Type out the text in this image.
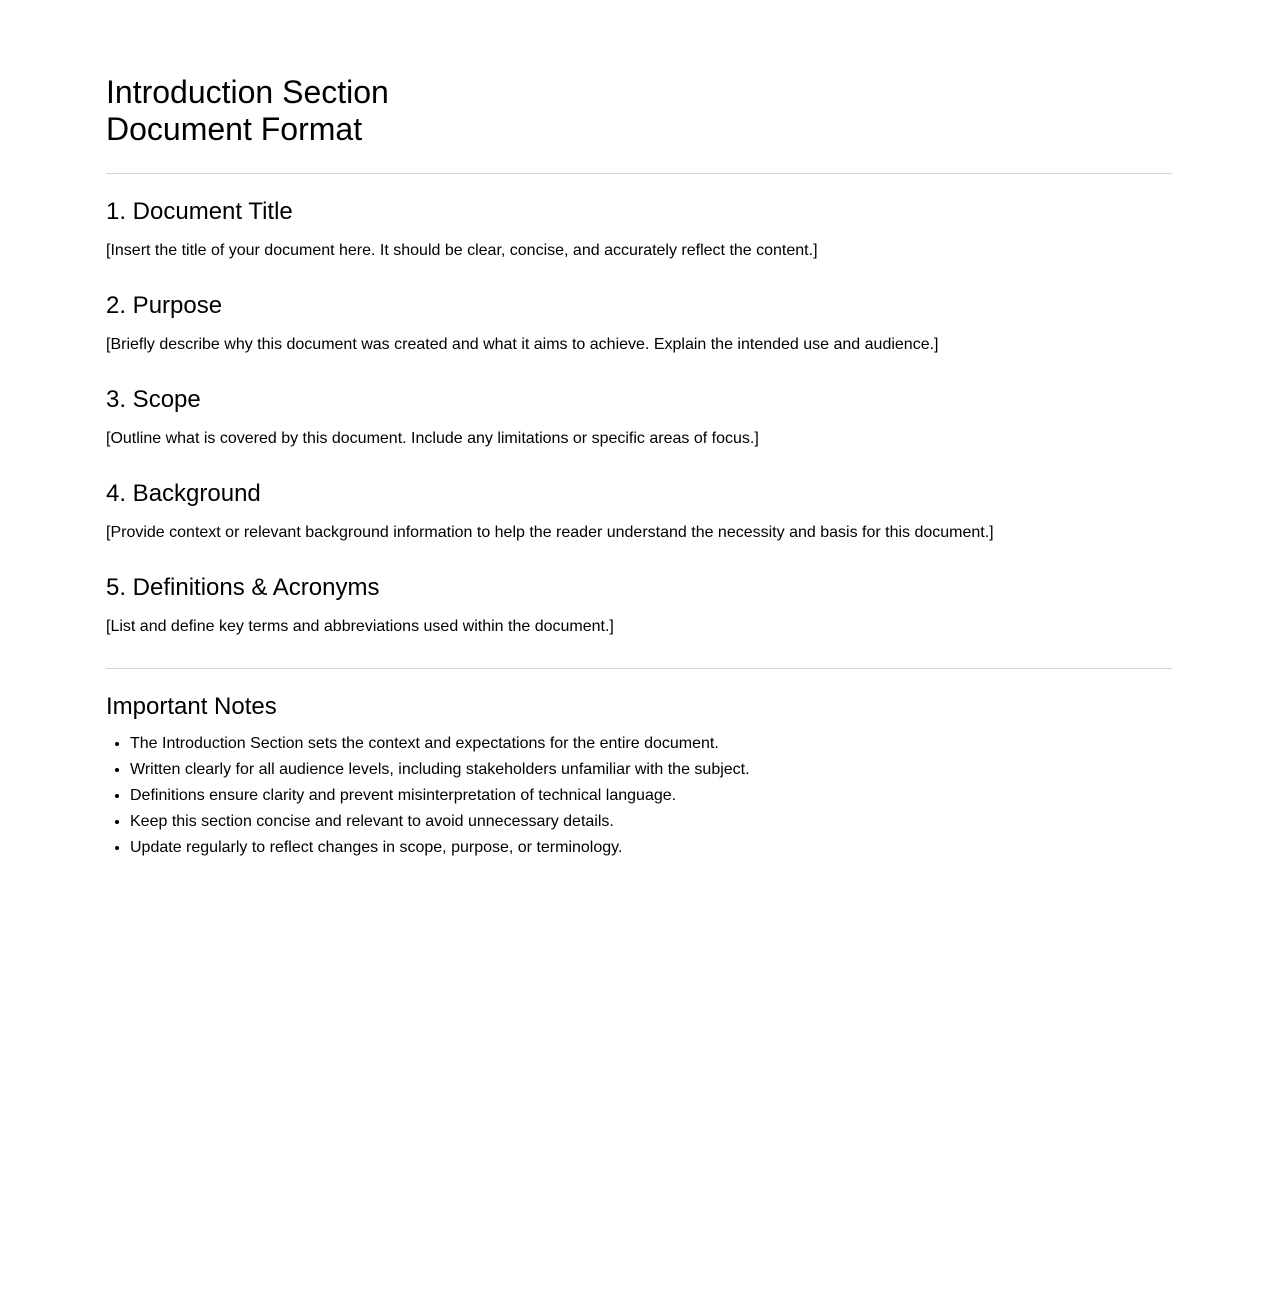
Introduction Section
Document Format
1. Document Title

[Insert the title of your document here. It should be clear, concise, and accurately reflect the content.]

2. Purpose

[Briefly describe why this document was created and what it aims to achieve. Explain the intended use and audience.]

3. Scope

[Outline what is covered by this document. Include any limitations or specific areas of focus.]

4. Background

[Provide context or relevant background information to help the reader understand the necessity and basis for this document.]

5. Definitions & Acronyms

[List and define key terms and abbreviations used within the document.]

Important Notes
• The Introduction Section sets the context and expectations for the entire document.
• Written clearly for all audience levels, including stakeholders unfamiliar with the subject.
• Definitions ensure clarity and prevent misinterpretation of technical language.
• Keep this section concise and relevant to avoid unnecessary details.
• Update regularly to reflect changes in scope, purpose, or terminology.
